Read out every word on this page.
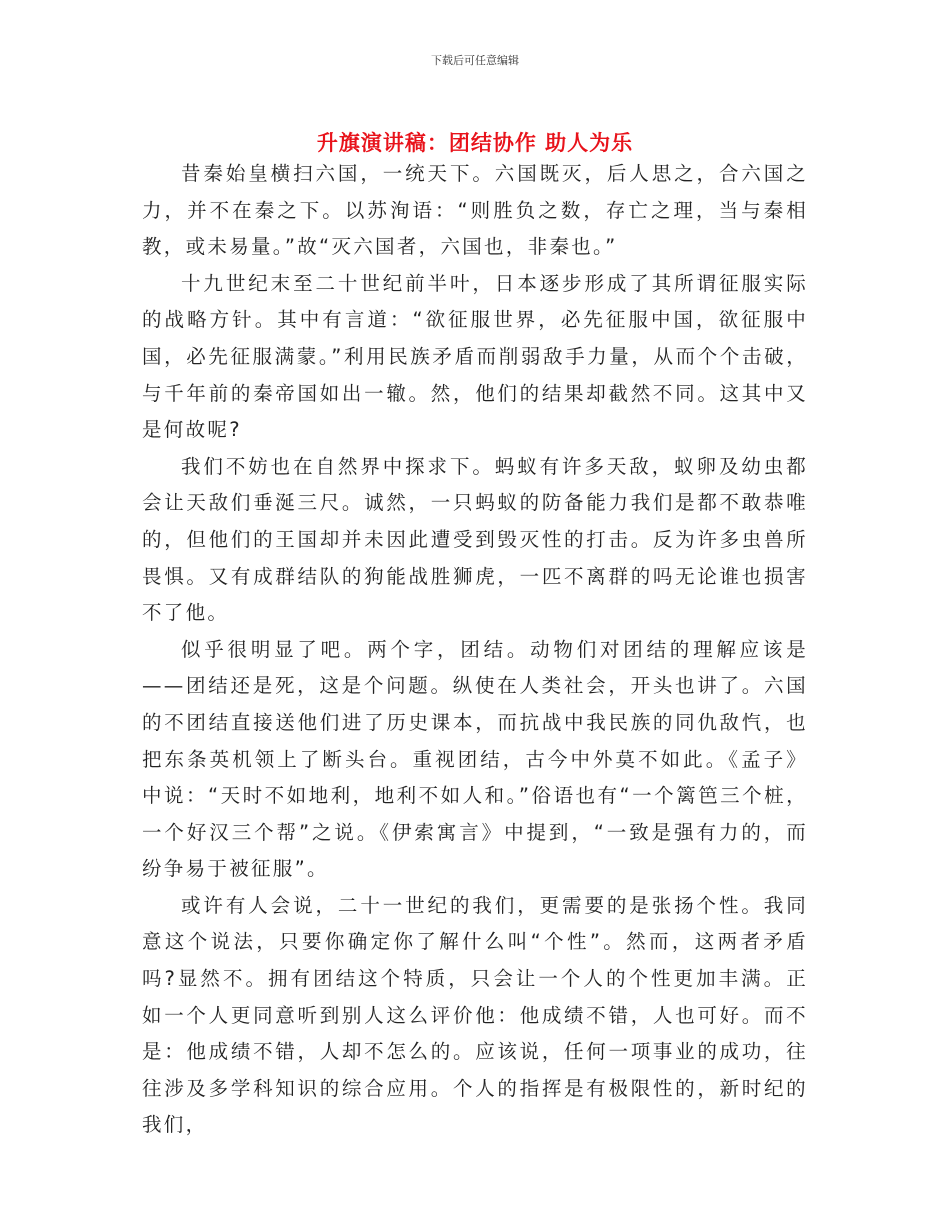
下载后可任意编辑
升旗演讲稿：团结协作 助人为乐

昔秦始皇横扫六国，一统天下。六国既灭，后人思之，合六国之力，并不在秦之下。以苏洵语：“则胜负之数，存亡之理，当与秦相教，或未易量。”故“灭六国者，六国也，非秦也。”

十九世纪末至二十世纪前半叶，日本逐步形成了其所谓征服实际的战略方针。其中有言道：“欲征服世界，必先征服中国，欲征服中国，必先征服满蒙。”利用民族矛盾而削弱敌手力量，从而个个击破，与千年前的秦帝国如出一辙。然，他们的结果却截然不同。这其中又是何故呢?

我们不妨也在自然界中探求下。蚂蚁有许多天敌，蚁卵及幼虫都会让天敌们垂涎三尺。诚然，一只蚂蚁的防备能力我们是都不敢恭唯的，但他们的王国却并未因此遭受到毁灭性的打击。反为许多虫兽所畏惧。又有成群结队的狗能战胜狮虎，一匹不离群的吗无论谁也损害不了他。

似乎很明显了吧。两个字，团结。动物们对团结的理解应该是——团结还是死，这是个问题。纵使在人类社会，开头也讲了。六国的不团结直接送他们进了历史课本，而抗战中我民族的同仇敌忾，也把东条英机领上了断头台。重视团结，古今中外莫不如此。《孟子》中说：“天时不如地利，地利不如人和。”俗语也有“一个篱笆三个桩，一个好汉三个帮”之说。《伊索寓言》中提到，“一致是强有力的，而纷争易于被征服”。

或许有人会说，二十一世纪的我们，更需要的是张扬个性。我同意这个说法，只要你确定你了解什么叫“个性”。然而，这两者矛盾吗?显然不。拥有团结这个特质，只会让一个人的个性更加丰满。正如一个人更同意听到别人这么评价他：他成绩不错，人也可好。而不是：他成绩不错，人却不怎么的。应该说，任何一项事业的成功，往往涉及多学科知识的综合应用。个人的指挥是有极限性的，新时纪的我们，
